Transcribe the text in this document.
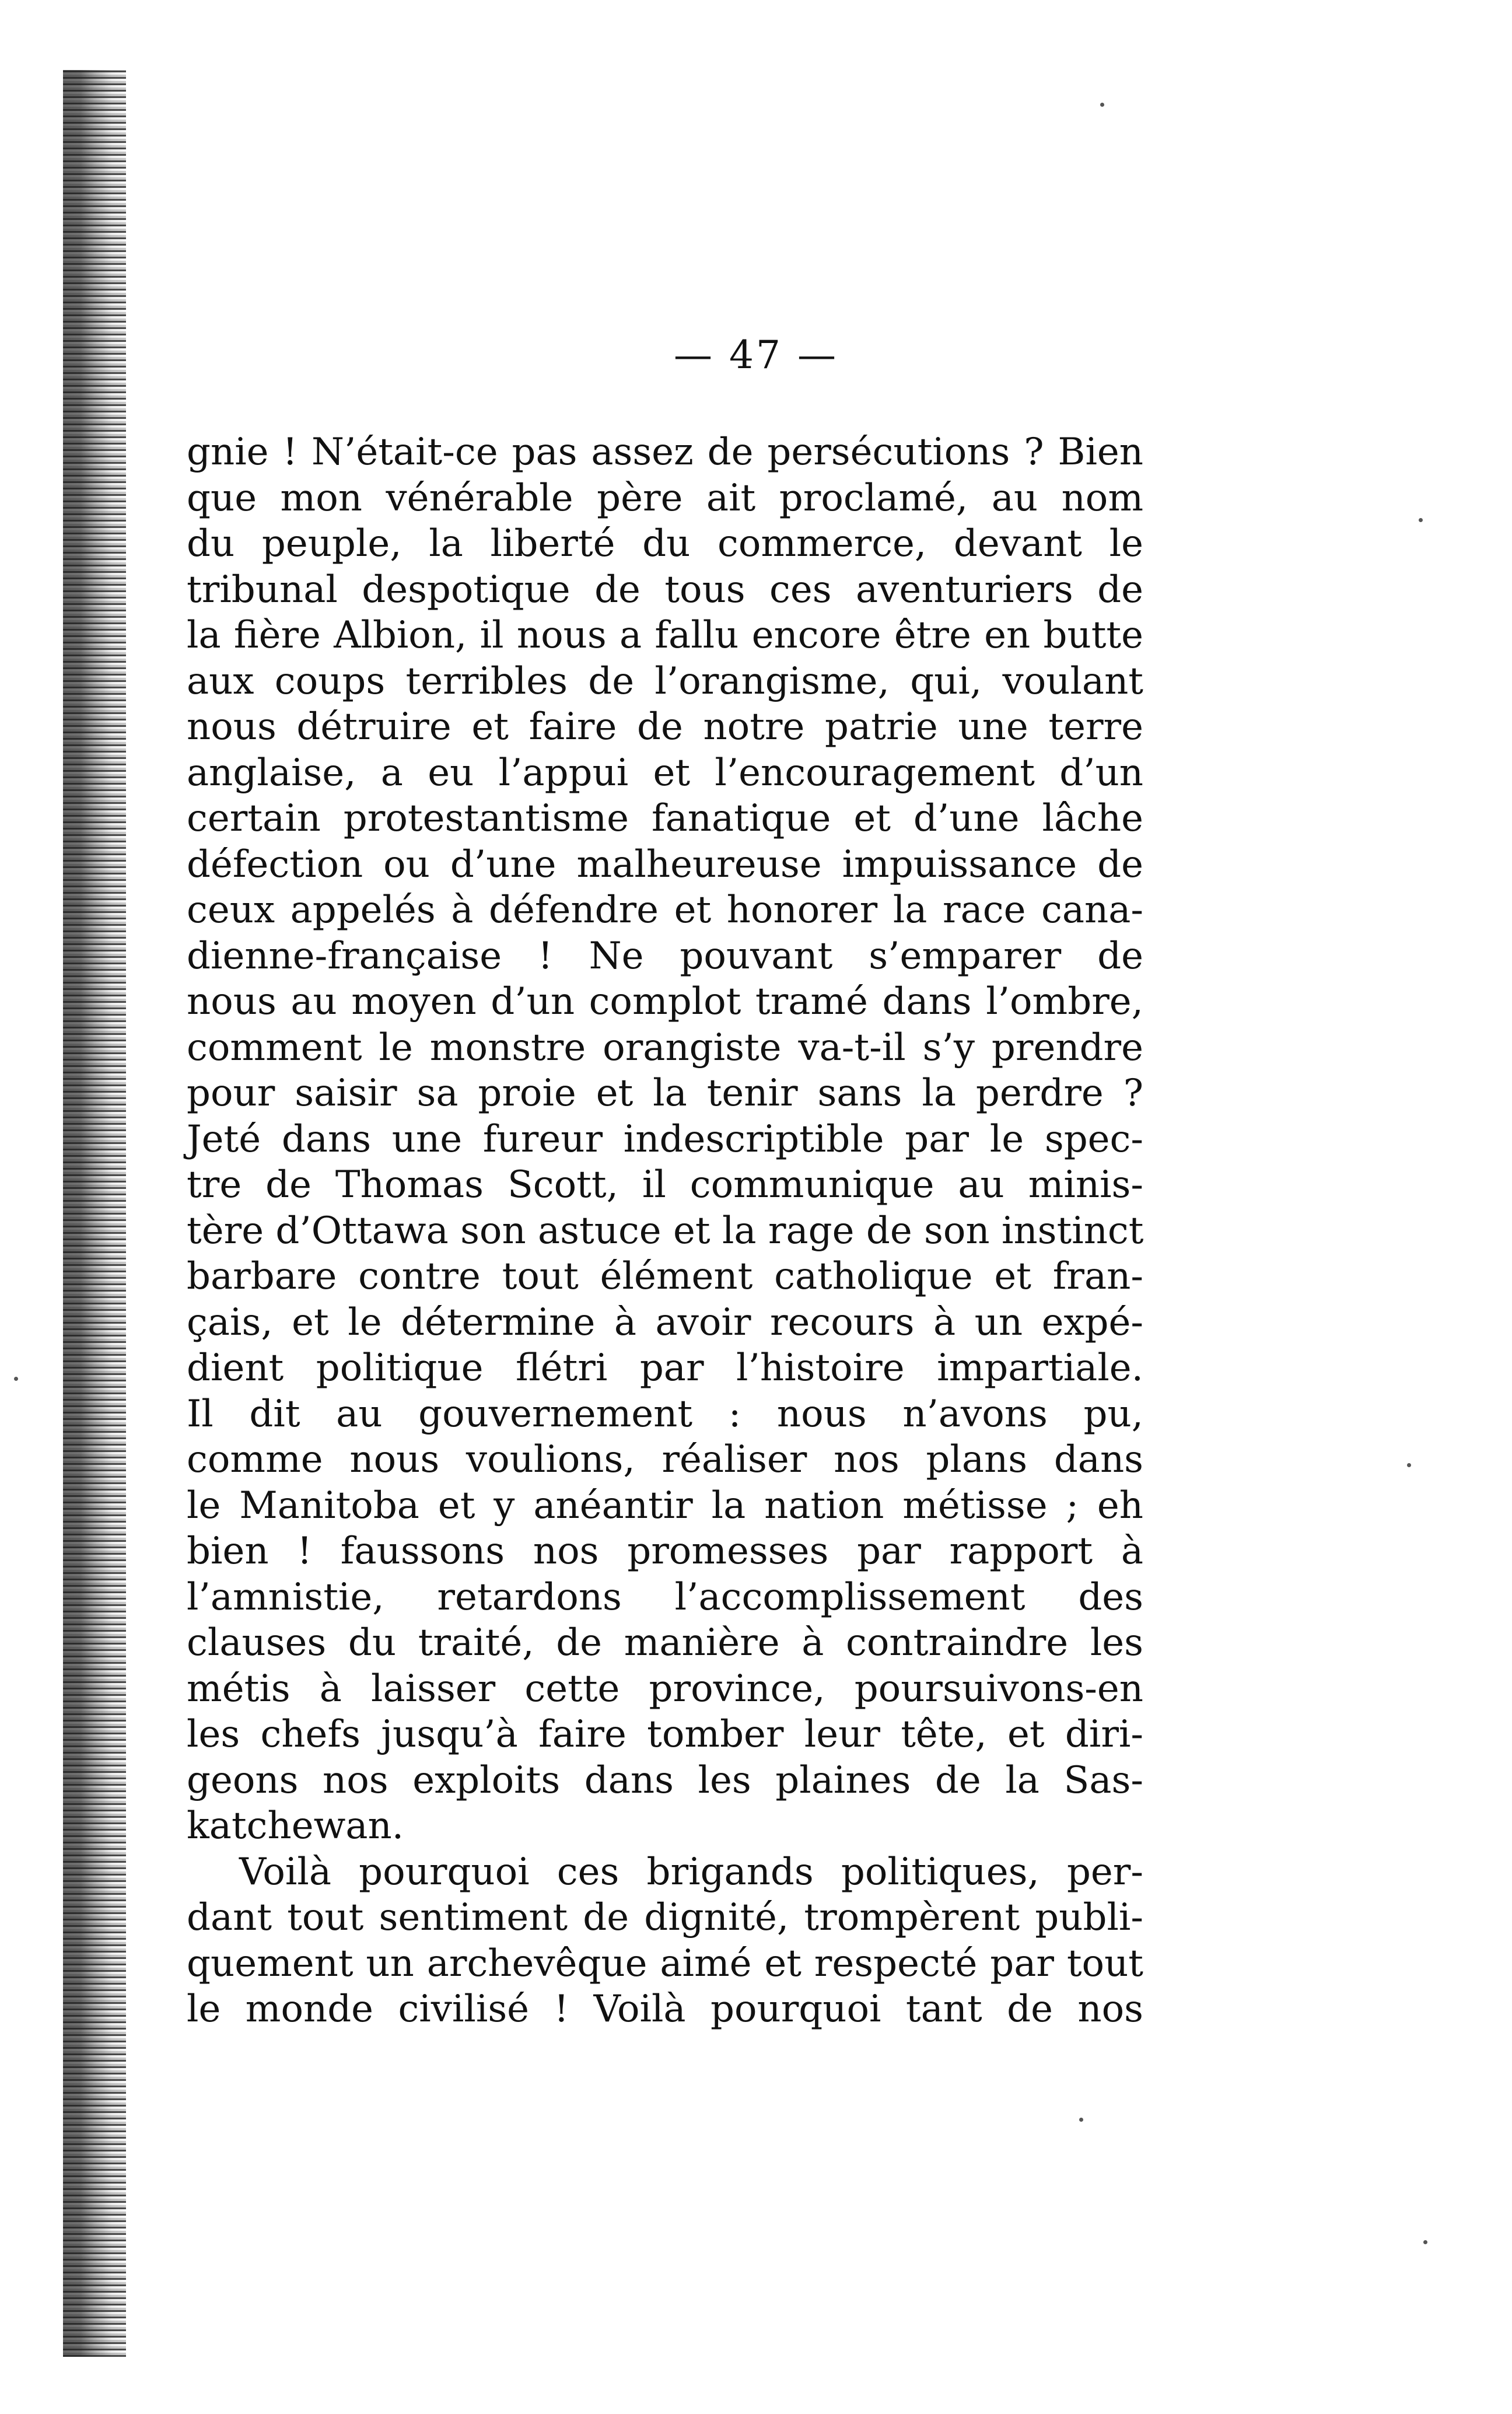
— 47 —
gnie ! N’était-ce pas assez de persécutions ? Bien
que mon vénérable père ait proclamé, au nom
du peuple, la liberté du commerce, devant le
tribunal despotique de tous ces aventuriers de
la fière Albion, il nous a fallu encore être en butte
aux coups terribles de l’orangisme, qui, voulant
nous détruire et faire de notre patrie une terre
anglaise, a eu l’appui et l’encouragement d’un
certain protestantisme fanatique et d’une lâche
défection ou d’une malheureuse impuissance de
ceux appelés à défendre et honorer la race cana-
dienne-française ! Ne pouvant s’emparer de
nous au moyen d’un complot tramé dans l’ombre,
comment le monstre orangiste va-t-il s’y prendre
pour saisir sa proie et la tenir sans la perdre ?
Jeté dans une fureur indescriptible par le spec-
tre de Thomas Scott, il communique au minis-
tère d’Ottawa son astuce et la rage de son instinct
barbare contre tout élément catholique et fran-
çais, et le détermine à avoir recours à un expé-
dient politique flétri par l’histoire impartiale.
Il dit au gouvernement : nous n’avons pu,
comme nous voulions, réaliser nos plans dans
le Manitoba et y anéantir la nation métisse ; eh
bien ! faussons nos promesses par rapport à
l’amnistie, retardons l’accomplissement des
clauses du traité, de manière à contraindre les
métis à laisser cette province, poursuivons-en
les chefs jusqu’à faire tomber leur tête, et diri-
geons nos exploits dans les plaines de la Sas-
katchewan.
Voilà pourquoi ces brigands politiques, per-
dant tout sentiment de dignité, trompèrent publi-
quement un archevêque aimé et respecté par tout
le monde civilisé ! Voilà pourquoi tant de nos
